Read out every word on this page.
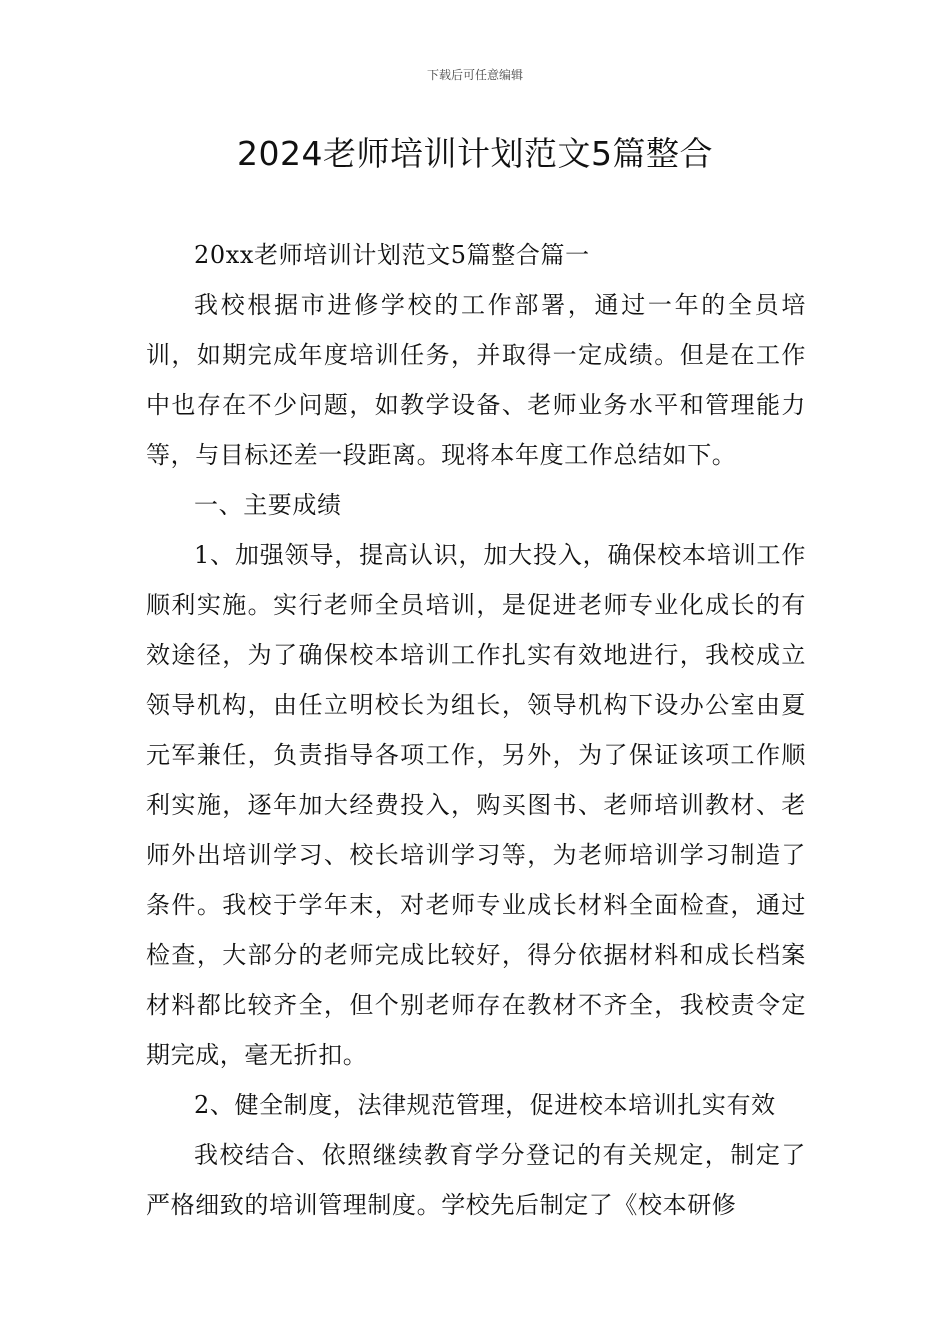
下载后可任意编辑
2024老师培训计划范文5篇整合

20xx老师培训计划范文5篇整合篇一

我校根据市进修学校的工作部署，通过一年的全员培训，如期完成年度培训任务，并取得一定成绩。但是在工作中也存在不少问题，如教学设备、老师业务水平和管理能力等，与目标还差一段距离。现将本年度工作总结如下。

一、主要成绩

1、加强领导，提高认识，加大投入，确保校本培训工作顺利实施。实行老师全员培训，是促进老师专业化成长的有效途径，为了确保校本培训工作扎实有效地进行，我校成立领导机构，由任立明校长为组长，领导机构下设办公室由夏元军兼任，负责指导各项工作，另外，为了保证该项工作顺利实施，逐年加大经费投入，购买图书、老师培训教材、老师外出培训学习、校长培训学习等，为老师培训学习制造了条件。我校于学年末，对老师专业成长材料全面检查，通过检查，大部分的老师完成比较好，得分依据材料和成长档案材料都比较齐全，但个别老师存在教材不齐全，我校责令定期完成，毫无折扣。

2、健全制度，法律规范管理，促进校本培训扎实有效

我校结合、依照继续教育学分登记的有关规定，制定了严格细致的培训管理制度。学校先后制定了《校本研修
